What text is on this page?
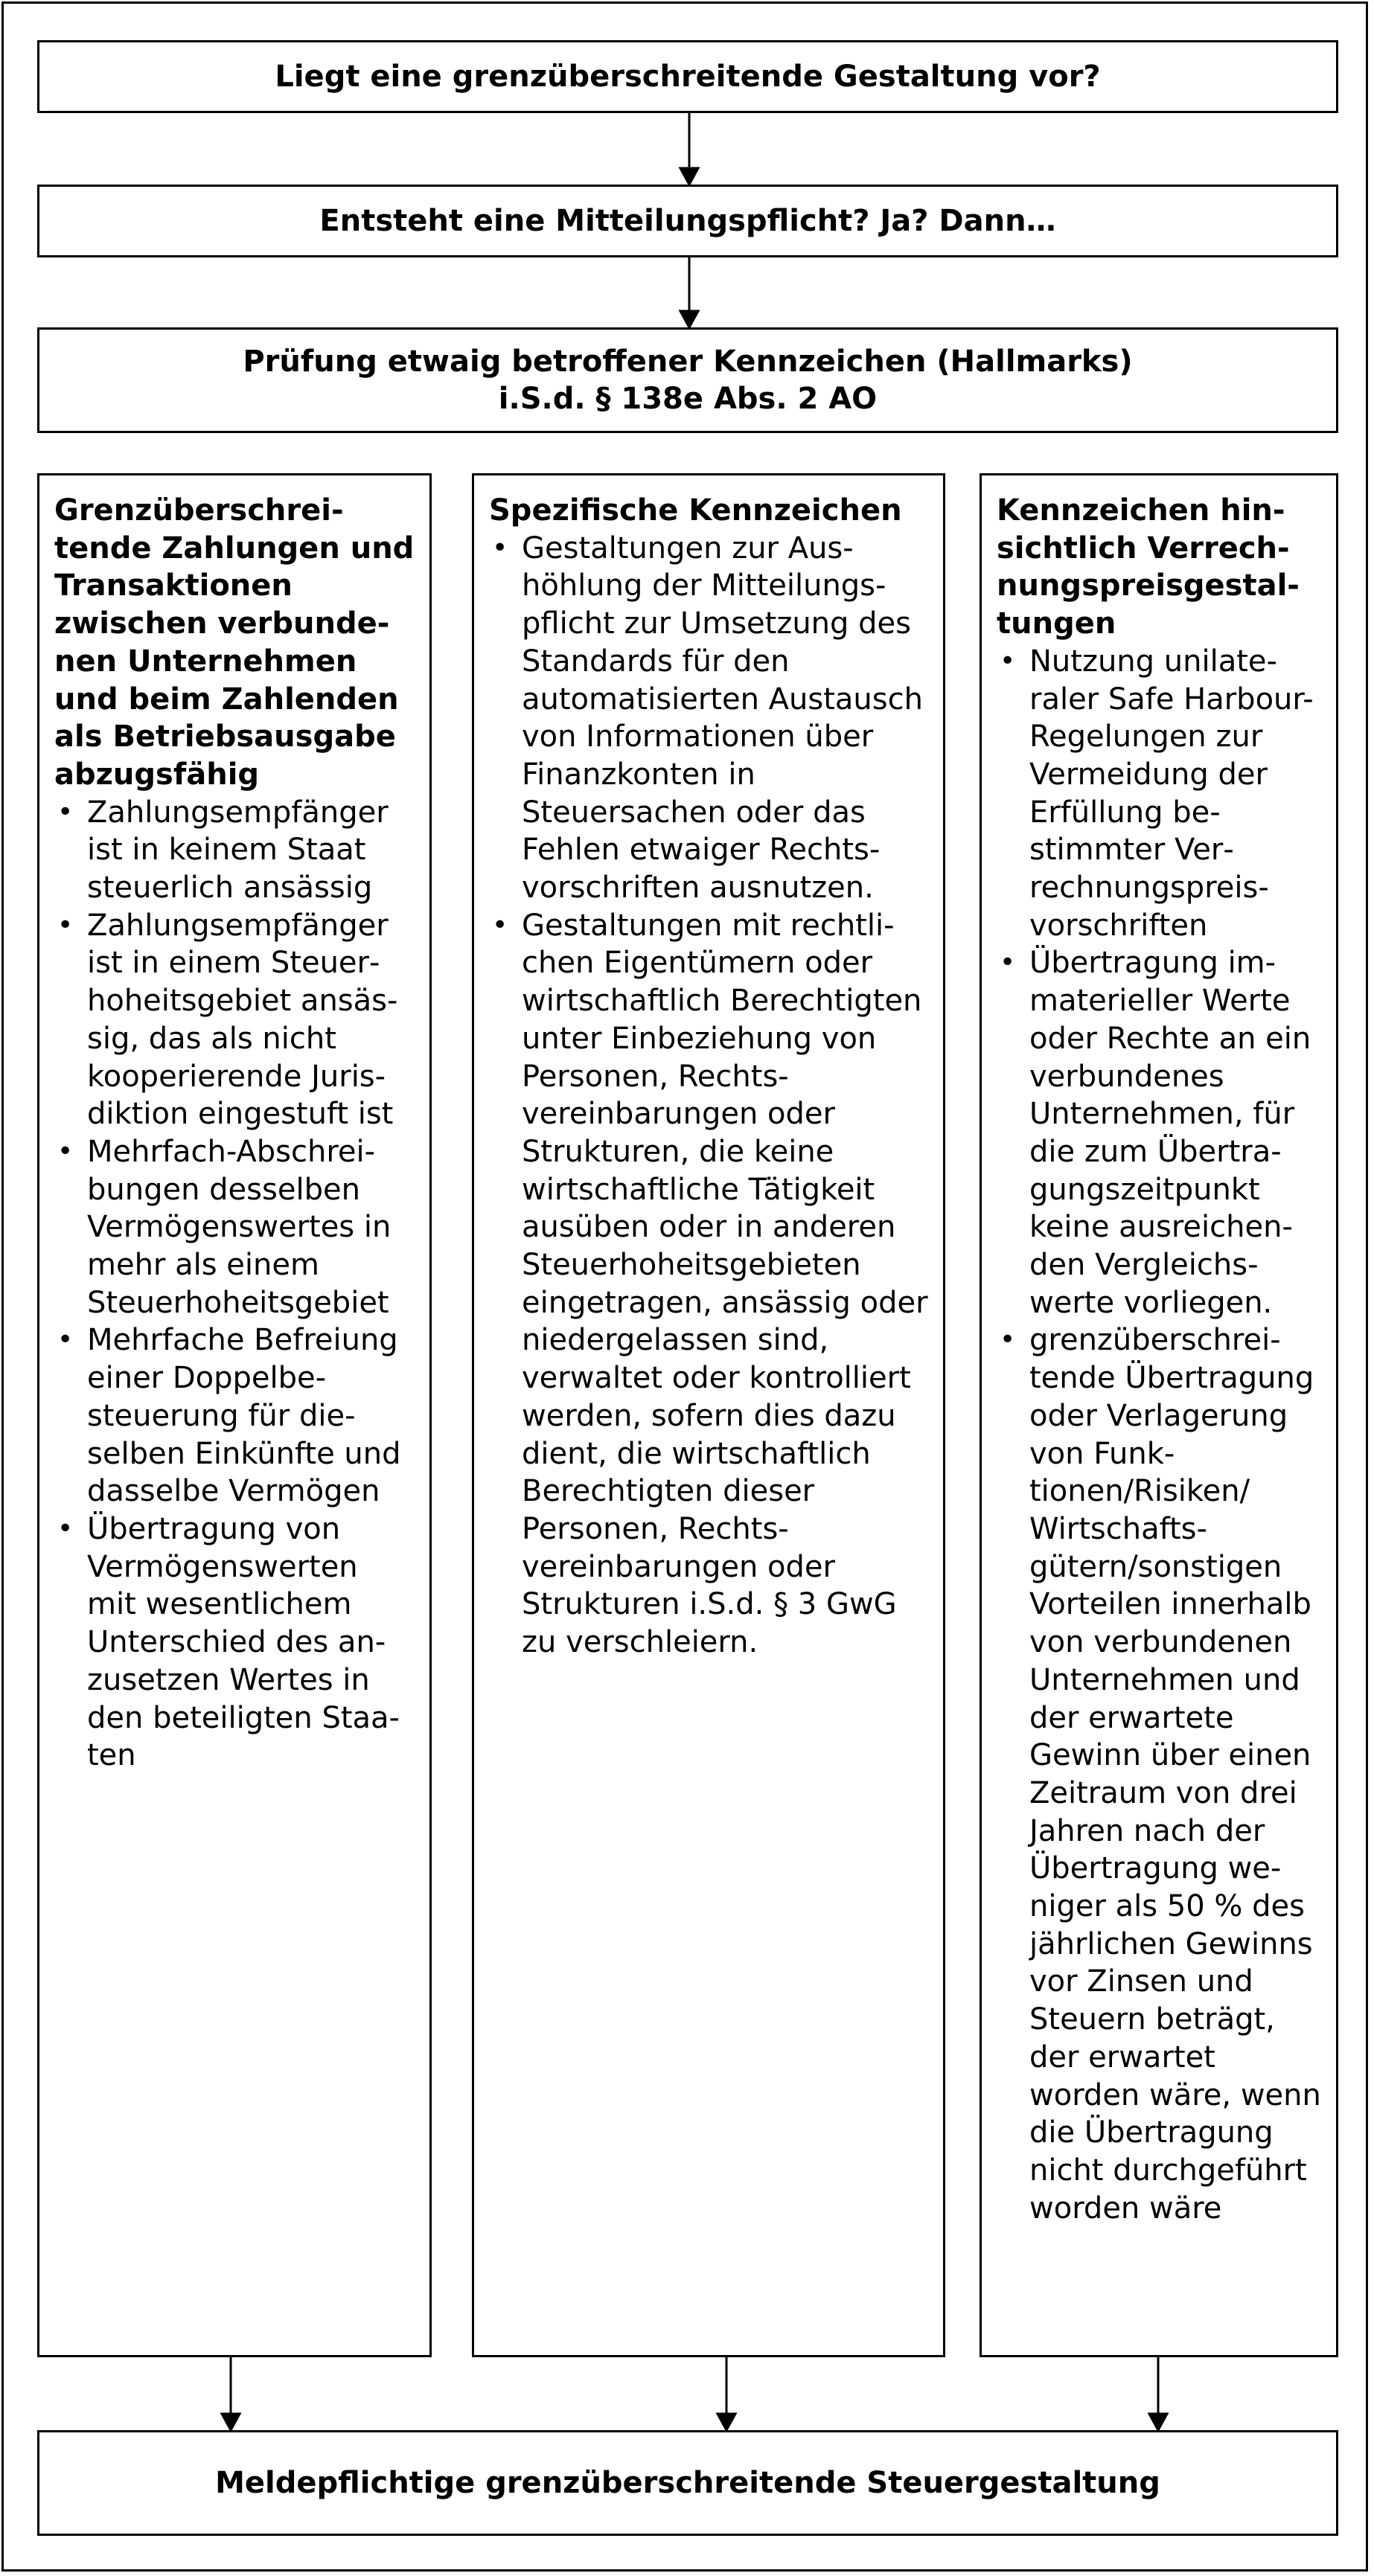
Liegt eine grenzüberschreitende Gestaltung vor?
Entsteht eine Mitteilungspflicht? Ja? Dann…
Prüfung etwaig betroffener Kennzeichen (Hallmarks)
i.S.d. § 138e Abs. 2 AO
Grenzüberschreitende Zahlungen und Transaktionen zwischen verbundenen Unternehmen und beim Zahlenden als Betriebsausgabe abzugsfähig
• Zahlungsempfänger ist in keinem Staat steuerlich ansässig
• Zahlungsempfänger ist in einem Steuerhoheitsgebiet ansässig, das als nicht kooperierende Jurisdiktion eingestuft ist
• Mehrfach-Abschreibungen desselben Vermögenswertes in mehr als einem Steuerhoheitsgebiet
• Mehrfache Befreiung einer Doppelbesteuerung für dieselben Einkünfte und dasselbe Vermögen
• Übertragung von Vermögenswerten mit wesentlichem Unterschied des anzusetzen Wertes in den beteiligten Staaten
Spezifische Kennzeichen
• Gestaltungen zur Aushöhlung der Mitteilungspflicht zur Umsetzung des Standards für den automatisierten Austausch von Informationen über Finanzkonten in Steuersachen oder das Fehlen etwaiger Rechtsvorschriften ausnutzen.
• Gestaltungen mit rechtlichen Eigentümern oder wirtschaftlich Berechtigten unter Einbeziehung von Personen, Rechtsvereinbarungen oder Strukturen, die keine wirtschaftliche Tätigkeit ausüben oder in anderen Steuerhoheitsgebieten eingetragen, ansässig oder niedergelassen sind, verwaltet oder kontrolliert werden, sofern dies dazu dient, die wirtschaftlich Berechtigten dieser Personen, Rechtsvereinbarungen oder Strukturen i.S.d. § 3 GwG zu verschleiern.
Kennzeichen hinsichtlich Verrechnungspreisgestaltungen
• Nutzung unilateraler Safe Harbour-Regelungen zur Vermeidung der Erfüllung bestimmter Verrechnungspreisvorschriften
• Übertragung immaterieller Werte oder Rechte an ein verbundenes Unternehmen, für die zum Übertragungszeitpunkt keine ausreichenden Vergleichswerte vorliegen.
• grenzüberschreitende Übertragung oder Verlagerung von Funktionen/Risiken/ Wirtschaftsgütern/sonstigen Vorteilen innerhalb von verbundenen Unternehmen und der erwartete Gewinn über einen Zeitraum von drei Jahren nach der Übertragung weniger als 50 % des jährlichen Gewinns vor Zinsen und Steuern beträgt, der erwartet worden wäre, wenn die Übertragung nicht durchgeführt worden wäre
Meldepflichtige grenzüberschreitende Steuergestaltung
